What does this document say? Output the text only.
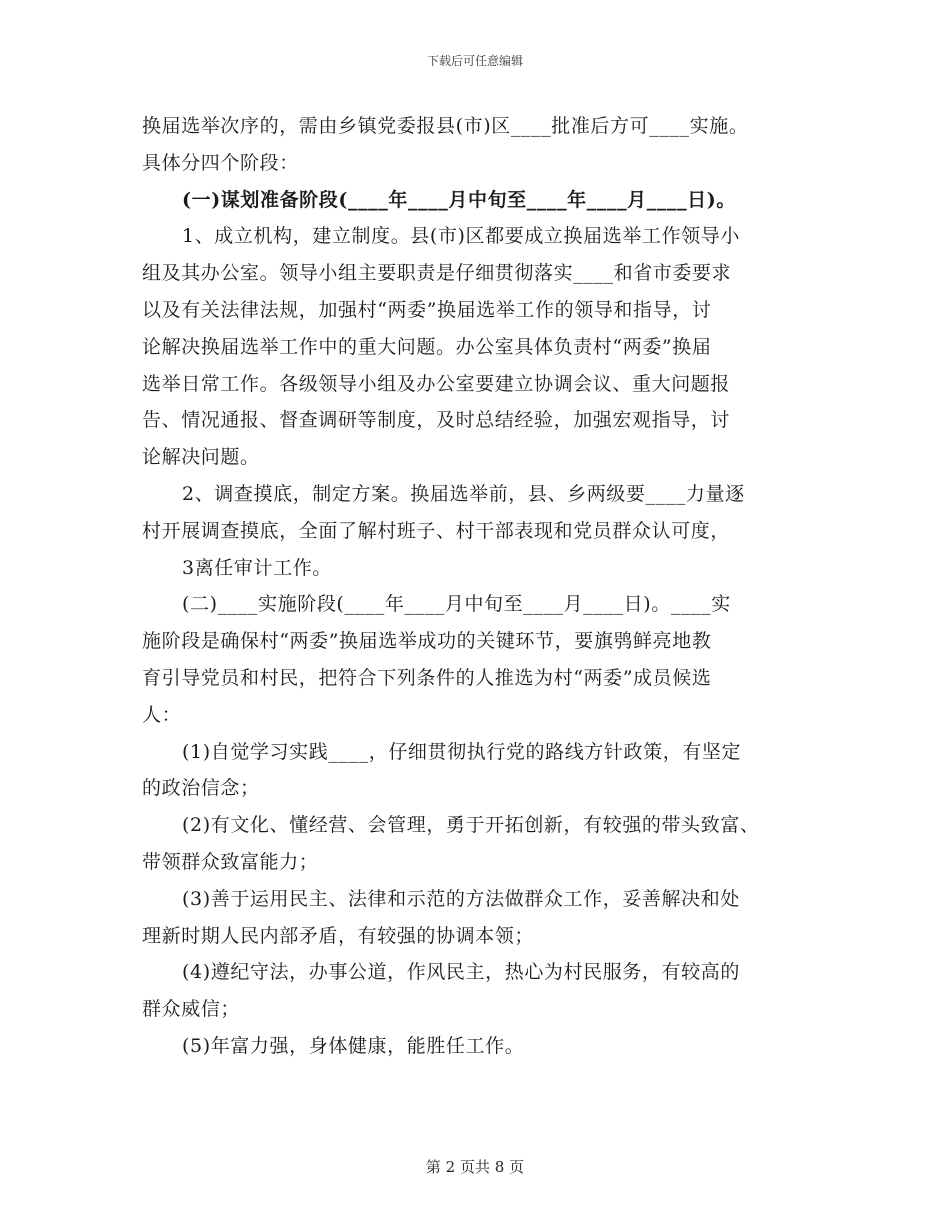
下载后可任意编辑
换届选举次序的，需由乡镇党委报县(市)区____批准后方可____实施。
具体分四个阶段：
(一)谋划准备阶段(____年____月中旬至____年____月____日)。
1、成立机构，建立制度。县(市)区都要成立换届选举工作领导小
组及其办公室。领导小组主要职责是仔细贯彻落实____和省市委要求
以及有关法律法规，加强村“两委”换届选举工作的领导和指导，讨
论解决换届选举工作中的重大问题。办公室具体负责村“两委”换届
选举日常工作。各级领导小组及办公室要建立协调会议、重大问题报
告、情况通报、督查调研等制度，及时总结经验，加强宏观指导，讨
论解决问题。
2、调查摸底，制定方案。换届选举前，县、乡两级要____力量逐
村开展调查摸底，全面了解村班子、村干部表现和党员群众认可度，
3离任审计工作。
(二)____实施阶段(____年____月中旬至____月____日)。____实
施阶段是确保村“两委”换届选举成功的关键环节，要旗鸮鲜亮地教
育引导党员和村民，把符合下列条件的人推选为村“两委”成员候选
人：
(1)自觉学习实践____，仔细贯彻执行党的路线方针政策，有坚定
的政治信念；
(2)有文化、懂经营、会管理，勇于开拓创新，有较强的带头致富、
带领群众致富能力；
(3)善于运用民主、法律和示范的方法做群众工作，妥善解决和处
理新时期人民内部矛盾，有较强的协调本领；
(4)遵纪守法，办事公道，作风民主，热心为村民服务，有较高的
群众威信；
(5)年富力强，身体健康，能胜任工作。
第 2 页共 8 页
